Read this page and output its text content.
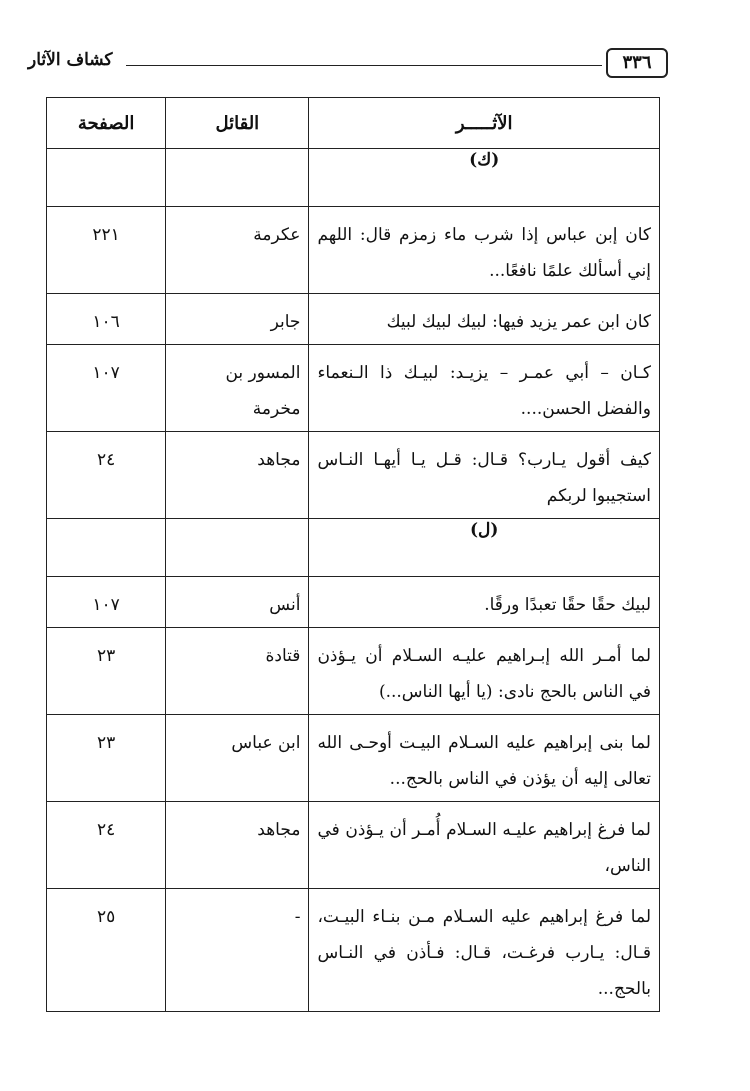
كشاف الآثار	٣٣٦
الآثـــــر	القائل	الصفحة
(ك)		
كان إبن عباس إذا شرب ماء زمزم قال: اللهم إني أسألك علمًا نافعًا...	عكرمة	٢٢١
كان ابن عمر يزيد فيها: لبيك لبيك لبيك	جابر	١٠٦
كـان – أبي عمـر – يزيـد: لبيـك ذا الـنعماء والفضل الحسن....	المسور بن مخرمة	١٠٧
كيف أقول يـارب؟ قـال: قـل يـا أيهـا النـاس استجيبوا لربكم	مجاهد	٢٤
(ل)		
لبيك حقًا حقًا تعبدًا ورقًا.	أنس	١٠٧
لما أمـر الله إبـراهيم عليـه السـلام أن يـؤذن في الناس بالحج نادى: (يا أيها الناس...)	قتادة	٢٣
لما بنى إبراهيم عليه السـلام البيـت أوحـى الله تعالى إليه أن يؤذن في الناس بالحج...	ابن عباس	٢٣
لما فرغ إبراهيم عليـه السـلام أُمـر أن يـؤذن في الناس،	مجاهد	٢٤
لما فرغ إبراهيم عليه السـلام مـن بنـاء البيـت، قـال: يـارب فرغـت، قـال: فـأذن في النـاس بالحج...	-	٢٥
